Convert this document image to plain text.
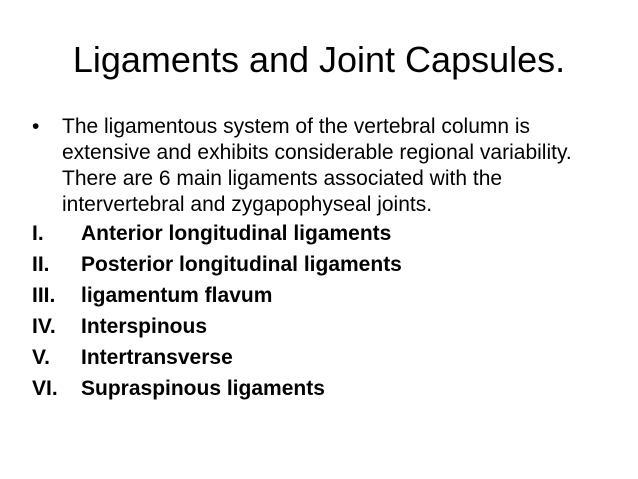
Ligaments and Joint Capsules.
•	The ligamentous system of the vertebral column is extensive and exhibits considerable regional variability. There are 6 main ligaments associated with the intervertebral and zygapophyseal joints.
I. Anterior longitudinal ligaments
II. Posterior longitudinal ligaments
III. ligamentum flavum
IV. Interspinous
V. Intertransverse
VI. Supraspinous ligaments
